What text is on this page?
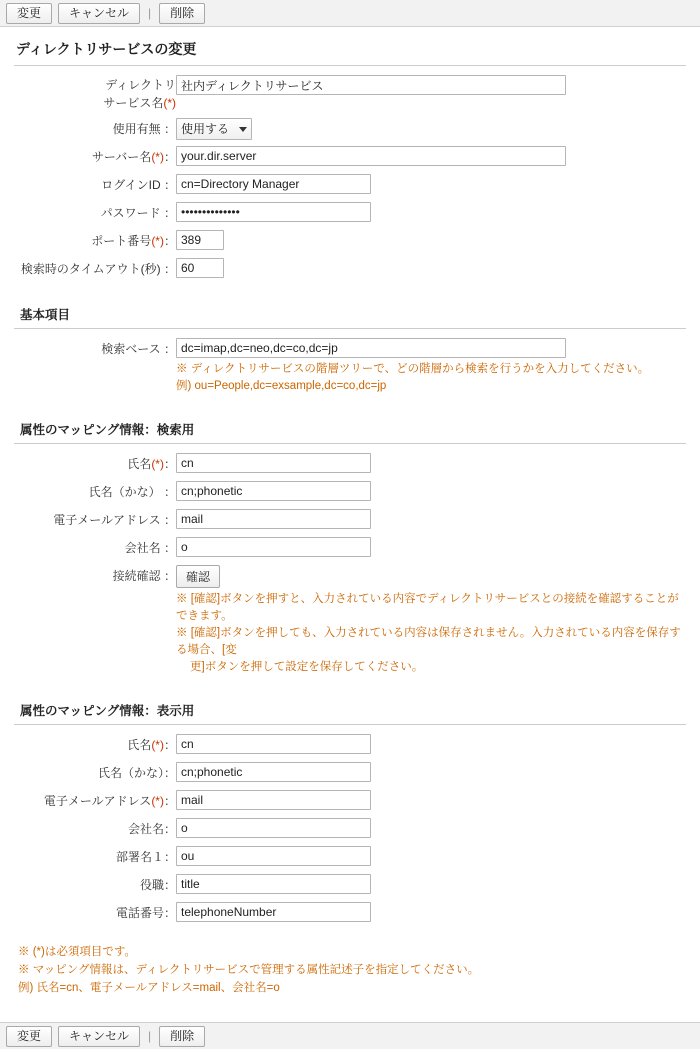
変更	キャンセル	|	削除
ディレクトリサービスの変更
ディレクトリ
サービス名(*)
	社内ディレクトリサービス
使用有無 ：	
使用する

サーバー名(*)：	your.dir.server
ログインID ：	cn=Directory Manager
パスワード ：	••••••••••••••
ポート番号(*)：	389
検索時のタイムアウト(秒) ：	60
基本項目
検索ベース ：	dc=imap,dc=neo,dc=co,dc=jp
※ ディレクトリサービスの階層ツリーで、どの階層から検索を行うかを入力してください。
例) ou=People,dc=exsample,dc=co,dc=jp
属性のマッピング情報：検索用
氏名(*)：	cn
氏名（かな） ：	cn;phonetic
電子メールアドレス ：	mail
会社名 ：	o
接続確認 ：	確認
※ [確認]ボタンを押すと、入力されている内容でディレクトリサービスとの接続を確認することができます。
※ [確認]ボタンを押しても、入力されている内容は保存されません。入力されている内容を保存する場合、[変
更]ボタンを押して設定を保存してください。
属性のマッピング情報：表示用
氏名(*)：	cn
氏名（かな）：	cn;phonetic
電子メールアドレス(*)：	mail
会社名：	o
部署名１：	ou
役職：	title
電話番号：	telephoneNumber
※ (*)は必須項目です。
※ マッピング情報は、ディレクトリサービスで管理する属性記述子を指定してください。
例) 氏名=cn、電子メールアドレス=mail、会社名=o
変更	キャンセル	|	削除
